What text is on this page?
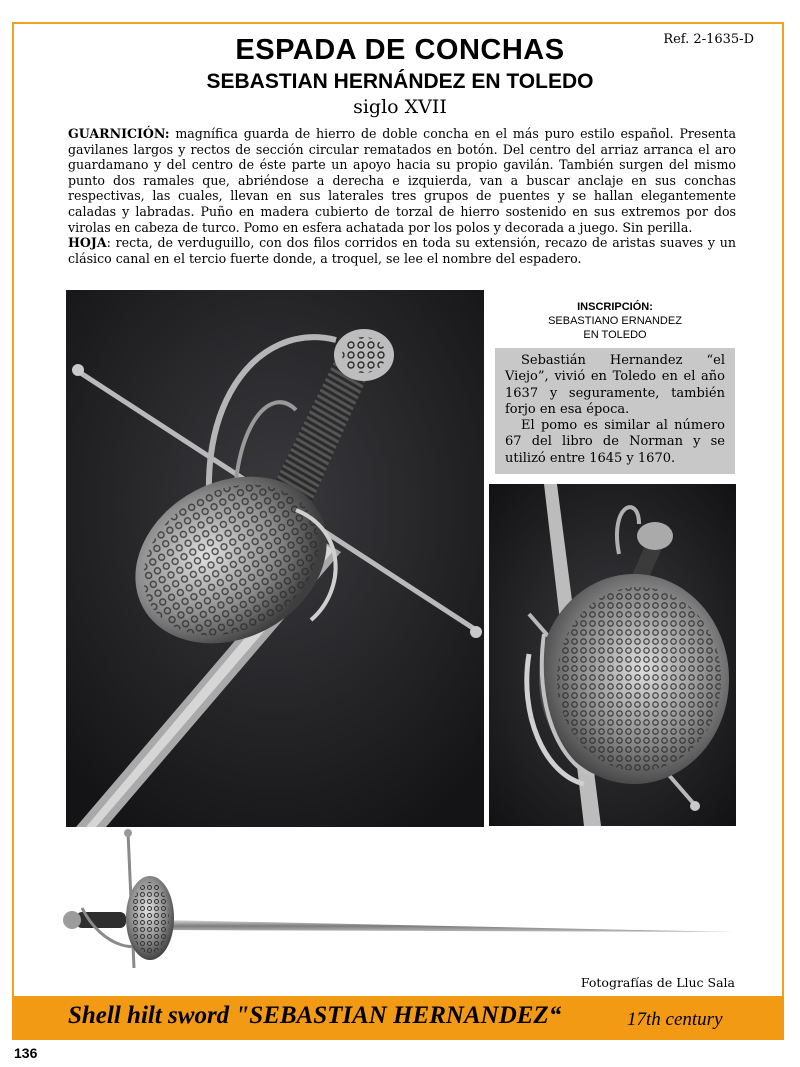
Ref. 2-1635-D
ESPADA DE CONCHAS
SEBASTIAN HERNÁNDEZ EN TOLEDO
siglo XVII

GUARNICIÓN: magnífica guarda de hierro de doble concha en el más puro estilo español. Presenta gavilanes largos y rectos de sección circular rematados en botón. Del centro del arriaz arranca el aro guardamano y del centro de éste parte un apoyo hacia su propio gavilán. También surgen del mismo punto dos ramales que, abriéndose a derecha e izquierda, van a buscar anclaje en sus conchas respectivas, las cuales, llevan en sus laterales tres grupos de puentes y se hallan elegantemente caladas y labradas. Puño en madera cubierto de torzal de hierro sostenido en sus extremos por dos virolas en cabeza de turco. Pomo en esfera achatada por los polos y decorada a juego. Sin perilla.

HOJA: recta, de verduguillo, con dos filos corridos en toda su extensión, recazo de aristas suaves y un clásico canal en el tercio fuerte donde, a troquel, se lee el nombre del espadero.

INSCRIPCIÓN:
SEBASTIANO ERNANDEZ
EN TOLEDO

Sebastián Hernandez “el Viejo”, vivió en Toledo en el año 1637 y seguramente, también forjo en esa época.

El pomo es similar al número 67 del libro de Norman y se utilizó entre 1645 y 1670.

Fotografías de Lluc Sala
Shell hilt sword "SEBASTIAN HERNANDEZ“	17th century
136
